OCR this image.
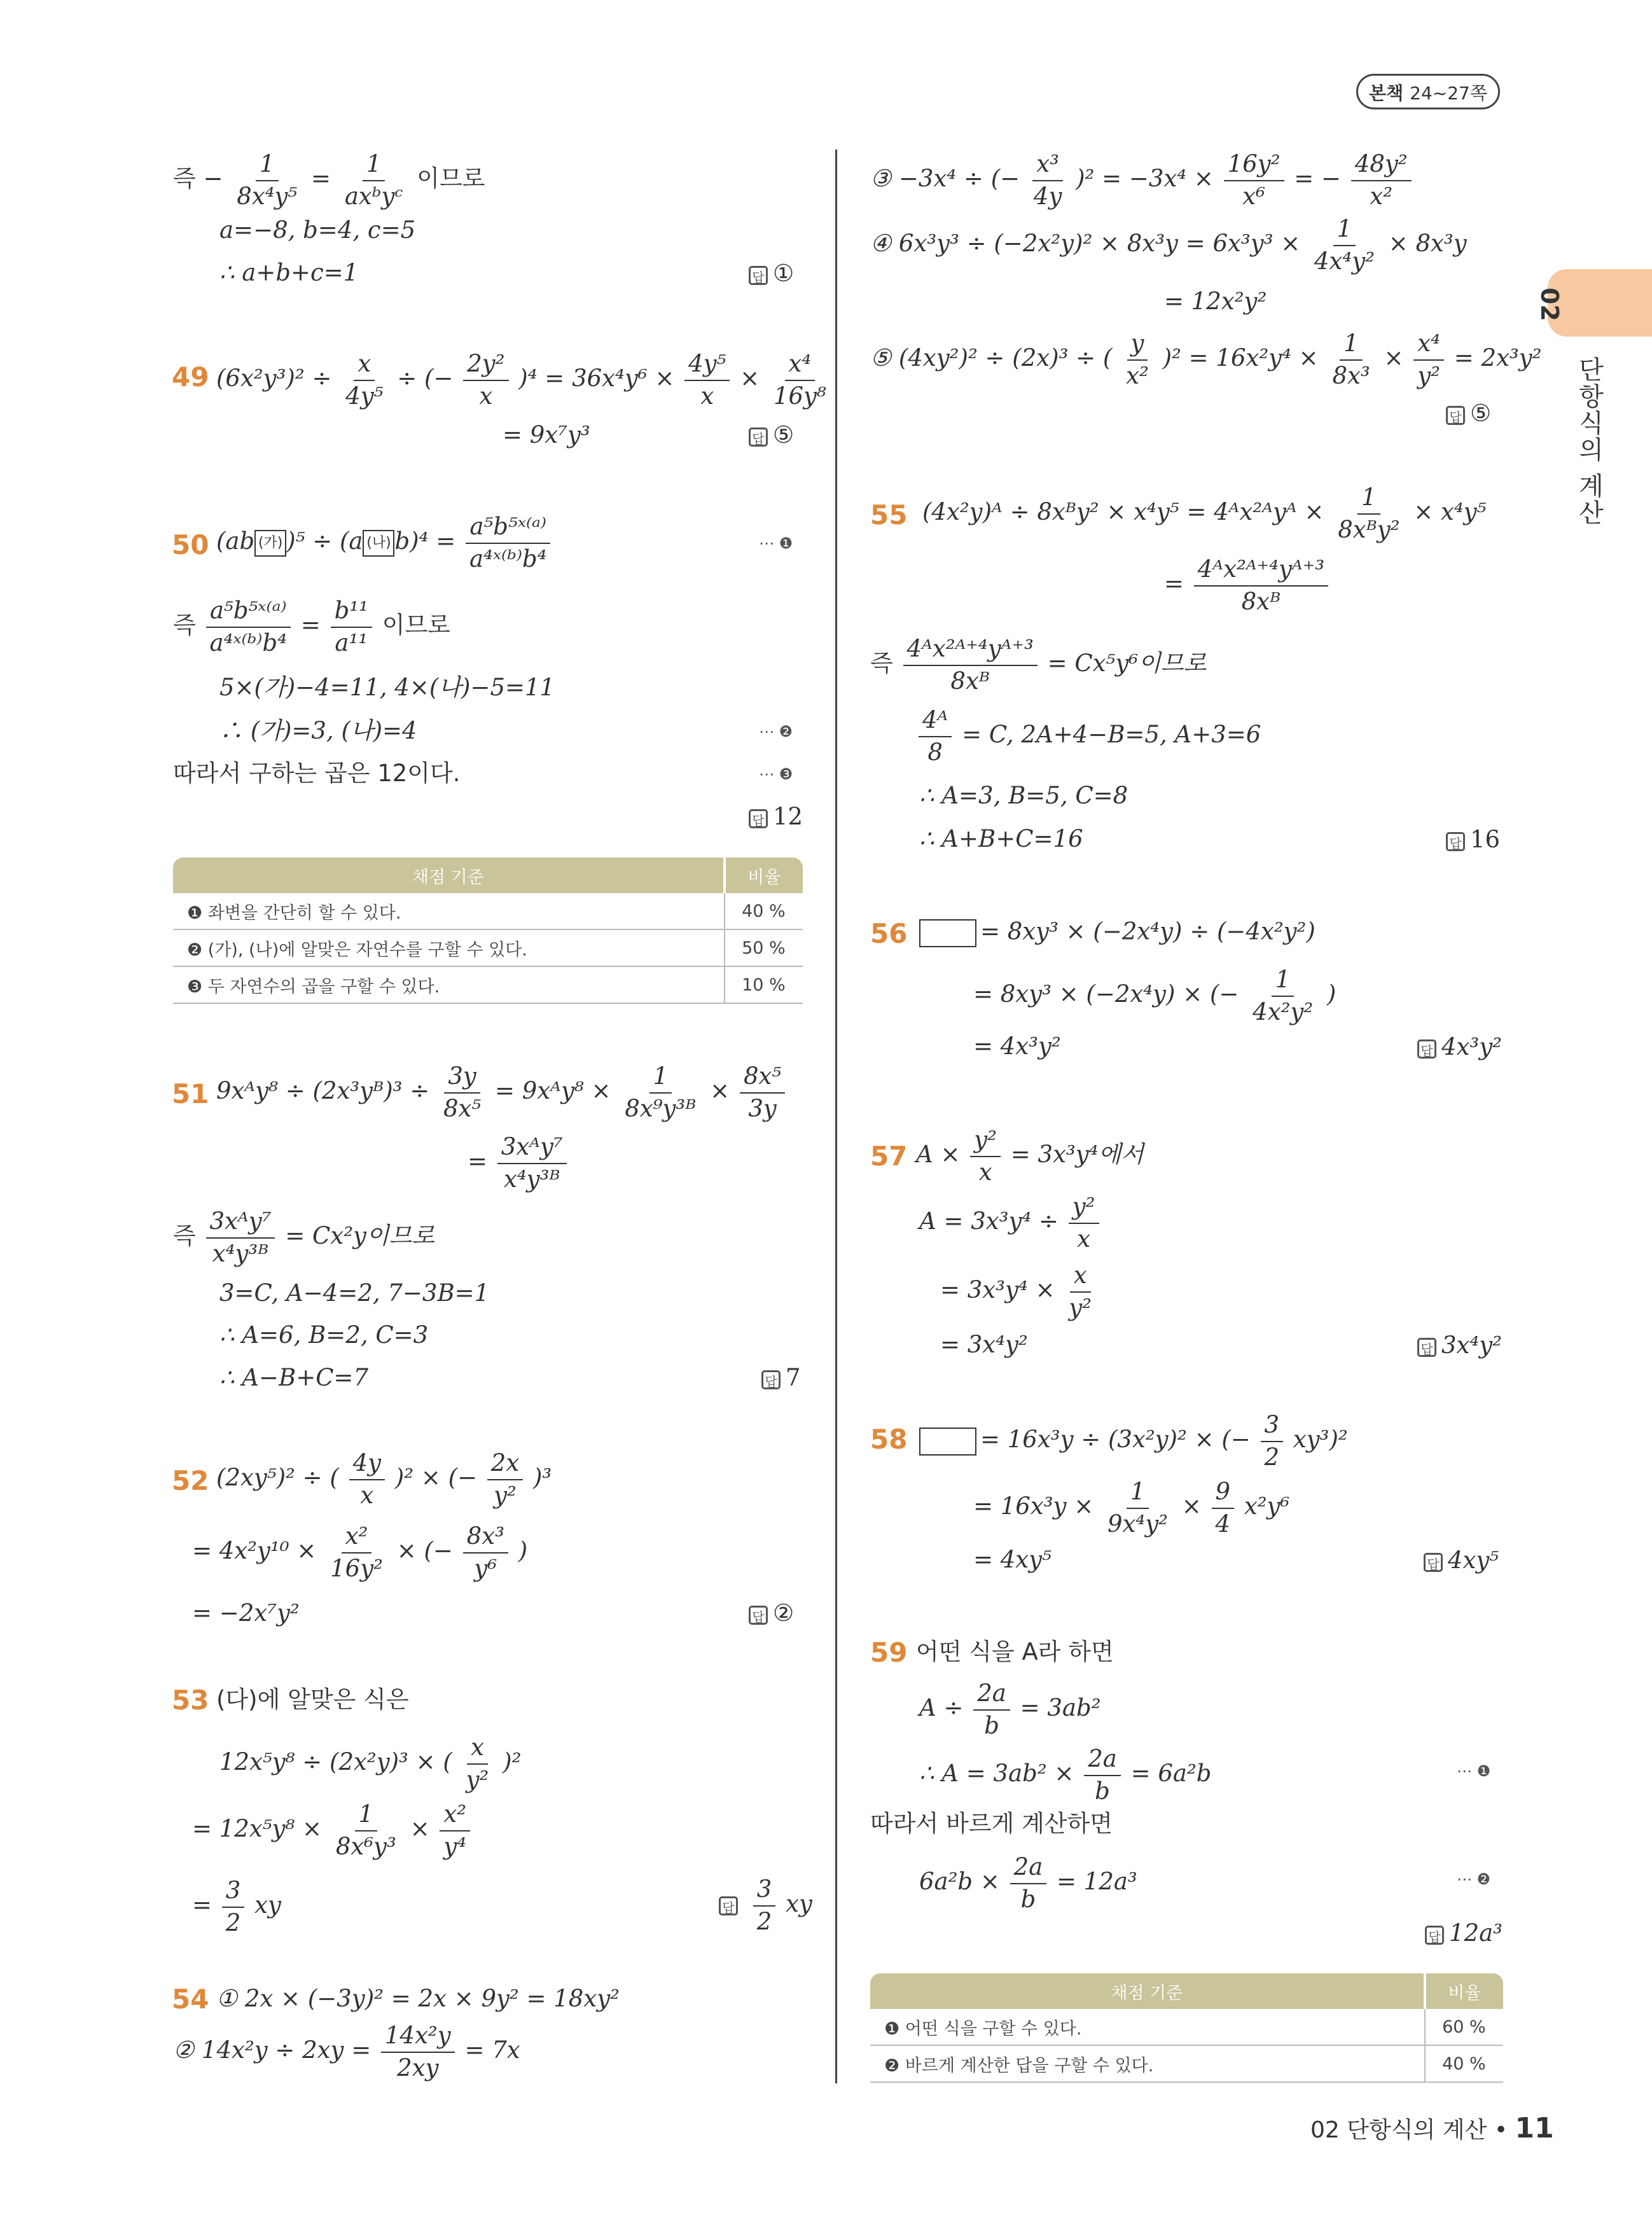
본책 24~27쪽
02
단항식의 계산
즉 − $\frac{1}{\text{8x⁴y⁵}} = \frac{1}{\text{axᵇyᶜ}}$ 이므로
a=−8, b=4, c=5
∴ a+b+c=1	답 ①
49 $(6x^2y^3)^2 \div \frac{x}{\text{4y⁵}}$ ÷ (− $\frac{\text{2y²}}{x} )^4 = 36x^4y^6 \times \frac{\text{4y⁵}}{x} \times \frac{\text{x⁴}}{\text{16y⁸}}$
= 9x⁷y³	답 ⑤
50 (ab (가) )⁵ ÷ (a (나) $b)^4 = \frac{\text{a⁵b⁵ˣ⁽ᵃ⁾}}{\text{a⁴ˣ⁽ᵇ⁾b⁴}}$	⋯ ❶
즉 $\frac{\text{a⁵b⁵ˣ⁽ᵃ⁾}}{\text{a⁴ˣ⁽ᵇ⁾b⁴}} = \frac{\text{b¹¹}}{\text{a¹¹}}$ 이므로
5×(가)−4=11, 4×(나)−5=11
∴ (가)=3, (나)=4	⋯ ❷
따라서 구하는 곱은 12이다.	⋯ ❸
답 12
채점 기준	비율
❶ 좌변을 간단히 할 수 있다.	40 %
❷ (가), (나)에 알맞은 자연수를 구할 수 있다.	50 %
❸ 두 자연수의 곱을 구할 수 있다.	10 %
51 9xᴬy⁸ ÷ (2x³yᴮ)³ ÷ $\frac{3y}{\text{8x⁵}}$ = 9xᴬy⁸ × $\frac{1}{\text{8x⁹y³ᴮ}} \times \frac{\text{8x⁵}}{3y}$
= $\frac{\text{3xᴬy⁷}}{\text{x⁴y³ᴮ}}$
즉 $\frac{\text{3xᴬy⁷}}{\text{x⁴y³ᴮ}} = Cx^2y$이므로
3=C, A−4=2, 7−3B=1
∴ A=6, B=2, C=3
∴ A−B+C=7	답 7
52 (2xy⁵)² ÷ ( $\frac{4y}{x} )^2$ × (− $\frac{2x}{\text{y²}} )^3$
= $4x^2y^{10} \times \frac{\text{x²}}{\text{16y²}}$ × (− $\frac{\text{8x³}}{\text{y⁶}}$ )
= −2x⁷y²	답 ②
53 (다)에 알맞은 식은
12x⁵y⁸ ÷ (2x²y)³ × ( $\frac{x}{\text{y²}} )^2$
= $12x^5y^8 \times \frac{1}{\text{8x⁶y³}} \times \frac{\text{x²}}{\text{y⁴}}$
= $\frac{3}{2}$ xy	답 $\frac{3}{2}$ xy
54 ① 2x × (−3y)² = 2x × 9y² = 18xy²
② $14x^2y \div 2xy = \frac{\text{14x²y}}{2xy} = 7x$
③ −3x⁴ ÷ (− $\frac{\text{x³}}{4y} )^2 = -3x^4 \times \frac{\text{16y²}}{\text{x⁶}}$ = − $\frac{\text{48y²}}{\text{x²}}$
④ $6x^3y^3 \div (-2x^2y)^2 \times 8x^3y = 6x^3y^3 \times \frac{1}{\text{4x⁴y²}} \times 8x^3y$
= 12x²y²
⑤ (4xy²)² ÷ (2x)³ ÷ ( $\frac{y}{\text{x²}} )^2 = 16x^2y^4 \times \frac{1}{\text{8x³}} \times \frac{\text{x⁴}}{\text{y²}} = 2x^3y^2$
답 ⑤
55 (4x²y)ᴬ ÷ 8xᴮy² × x⁴y⁵ = 4ᴬx²ᴬyᴬ × $\frac{1}{\text{8xᴮy²}} \times x^4y^5$
= $\frac{\text{4ᴬx²ᴬ⁺⁴yᴬ⁺³}}{\text{8xᴮ}}$
즉 $\frac{\text{4ᴬx²ᴬ⁺⁴yᴬ⁺³}}{\text{8xᴮ}} = Cx^5y^6$이므로
$\frac{\text{4ᴬ}}{8} = C$, 2A+4−B=5, A+3=6
∴ A=3, B=5, C=8
∴ A+B+C=16	답 16
56	= 8xy³ × (−2x⁴y) ÷ (−4x²y²)
= 8xy³ × (−2x⁴y) × (− $\frac{1}{\text{4x²y²}}$ )
= 4x³y²	답 4x³y²
57 $A \times \frac{\text{y²}}{x} = 3x^3y^4$에서
$A = 3x^3y^4 \div \frac{\text{y²}}{x}$
= $3x^3y^4 \times \frac{x}{\text{y²}}$
= 3x⁴y²	답 3x⁴y²
58	= 16x³y ÷ (3x²y)² × (− $\frac{3}{2} xy^3)^2$
= $16x^3y \times \frac{1}{\text{9x⁴y²}} \times \frac{9}{4} x^2y^6$
= 4xy⁵	답 4xy⁵
59 어떤 식을 A라 하면
$A \div \frac{2a}{b} = 3ab^2$
∴ $A = 3ab^2 \times \frac{2a}{b} = 6a^2b$	⋯ ❶
따라서 바르게 계산하면
$6a^2b \times \frac{2a}{b} = 12a^3$	⋯ ❷
답 12a³
채점 기준	비율
❶ 어떤 식을 구할 수 있다.	60 %
❷ 바르게 계산한 답을 구할 수 있다.	40 %
02 단항식의 계산 • 11
